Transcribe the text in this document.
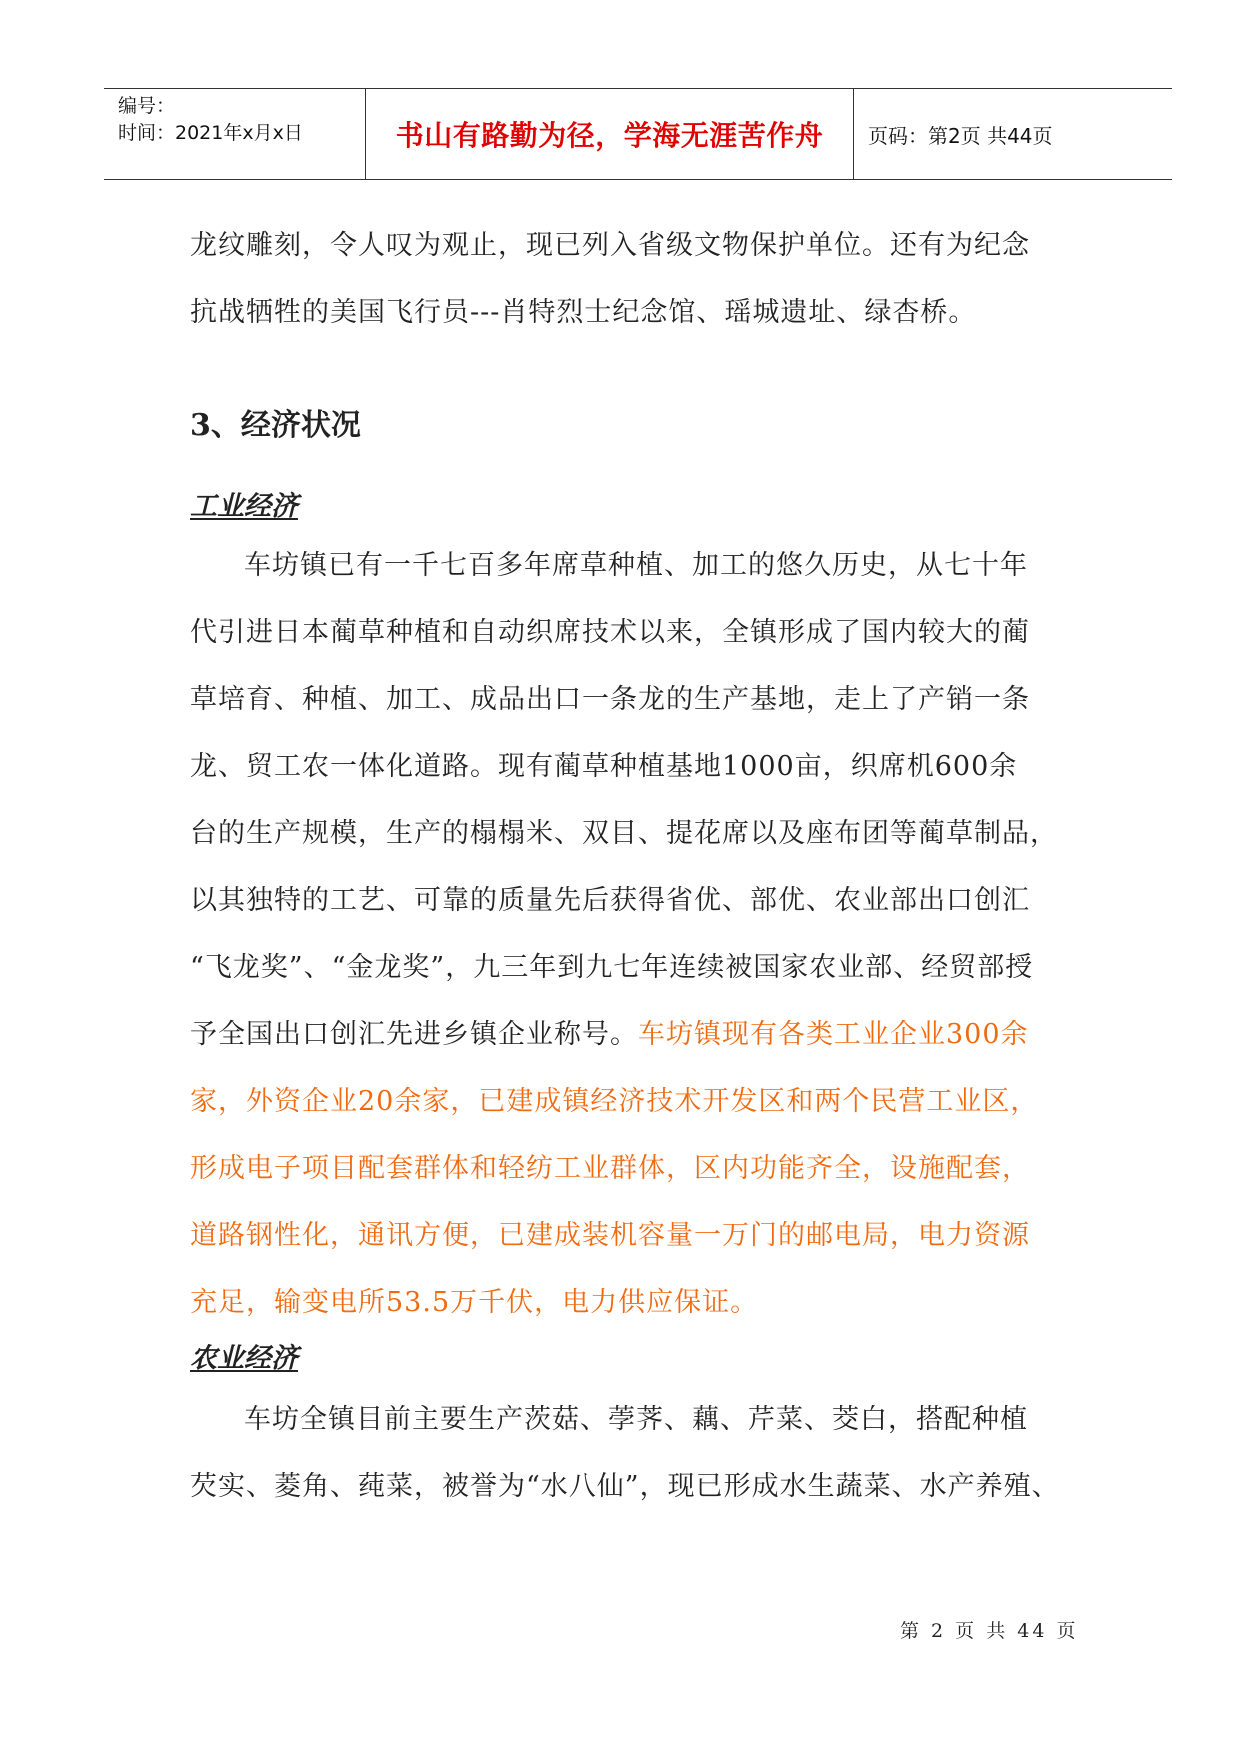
编号：
时间：2021年x月x日	书山有路勤为径，学海无涯苦作舟	页码：第2页 共44页

龙纹雕刻，令人叹为观止，现已列入省级文物保护单位。还有为纪念

抗战牺牲的美国飞行员---肖特烈士纪念馆、瑶城遗址、绿杏桥。

3、经济状况
工业经济

车坊镇已有一千七百多年席草种植、加工的悠久历史，从七十年

代引进日本蔺草种植和自动织席技术以来，全镇形成了国内较大的蔺

草培育、种植、加工、成品出口一条龙的生产基地，走上了产销一条

龙、贸工农一体化道路。现有蔺草种植基地1000亩，织席机600余

台的生产规模，生产的榻榻米、双目、提花席以及座布团等蔺草制品，

以其独特的工艺、可靠的质量先后获得省优、部优、农业部出口创汇

“飞龙奖”、“金龙奖”，九三年到九七年连续被国家农业部、经贸部授

予全国出口创汇先进乡镇企业称号。车坊镇现有各类工业企业300余

家，外资企业20余家，已建成镇经济技术开发区和两个民营工业区，

形成电子项目配套群体和轻纺工业群体，区内功能齐全，设施配套，

道路钢性化，通讯方便，已建成装机容量一万门的邮电局，电力资源

充足，输变电所53.5万千伏，电力供应保证。

农业经济

车坊全镇目前主要生产茨菇、荸荠、藕、芹菜、茭白，搭配种植

芡实、菱角、莼菜，被誉为“水八仙”，现已形成水生蔬菜、水产养殖、

第 2 页 共 44 页
